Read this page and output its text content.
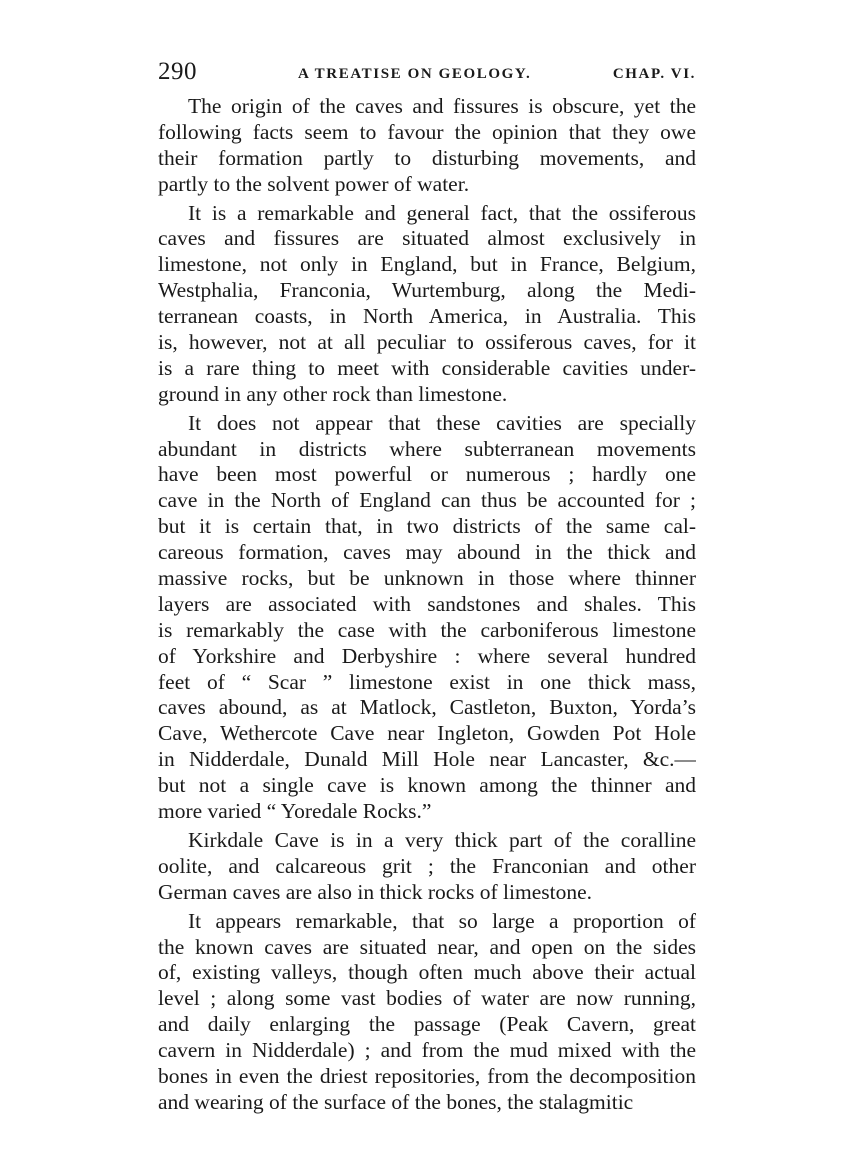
290	A TREATISE ON GEOLOGY.	CHAP. VI.
The origin of the caves and fissures is obscure, yet the
following facts seem to favour the opinion that they owe
their formation partly to disturbing movements, and
partly to the solvent power of water.
It is a remarkable and general fact, that the ossiferous
caves and fissures are situated almost exclusively in
limestone, not only in England, but in France, Belgium,
Westphalia, Franconia, Wurtemburg, along the Medi-
terranean coasts, in North America, in Australia. This
is, however, not at all peculiar to ossiferous caves, for it
is a rare thing to meet with considerable cavities under-
ground in any other rock than limestone.
It does not appear that these cavities are specially
abundant in districts where subterranean movements
have been most powerful or numerous ; hardly one
cave in the North of England can thus be accounted for ;
but it is certain that, in two districts of the same cal-
careous formation, caves may abound in the thick and
massive rocks, but be unknown in those where thinner
layers are associated with sandstones and shales. This
is remarkably the case with the carboniferous limestone
of Yorkshire and Derbyshire : where several hundred
feet of “ Scar ” limestone exist in one thick mass,
caves abound, as at Matlock, Castleton, Buxton, Yorda’s
Cave, Wethercote Cave near Ingleton, Gowden Pot Hole
in Nidderdale, Dunald Mill Hole near Lancaster, &c.—
but not a single cave is known among the thinner and
more varied “ Yoredale Rocks.”
Kirkdale Cave is in a very thick part of the coralline
oolite, and calcareous grit ; the Franconian and other
German caves are also in thick rocks of limestone.
It appears remarkable, that so large a proportion of
the known caves are situated near, and open on the sides
of, existing valleys, though often much above their actual
level ; along some vast bodies of water are now running,
and daily enlarging the passage (Peak Cavern, great
cavern in Nidderdale) ; and from the mud mixed with the
bones in even the driest repositories, from the decomposition
and wearing of the surface of the bones, the stalagmitic
